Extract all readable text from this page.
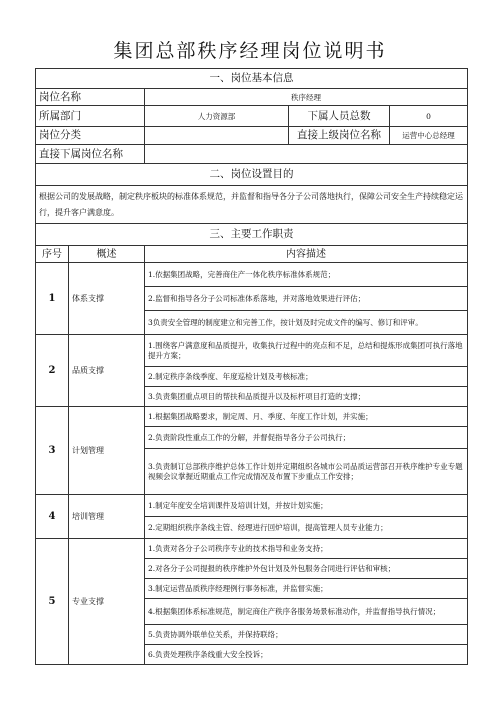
集团总部秩序经理岗位说明书
一、岗位基本信息				
岗位名称		秩序经理		
所属部门		人力资源部	下属人员总数	0
岗位分类			直接上级岗位名称	运营中心总经理
直接下属岗位名称				
二、岗位设置目的				
根据公司的发展战略，制定秩序板块的标准体系规范，并监督和指导各分子公司落地执行，保障公司安全生产持续稳定运行，提升客户满意度。				
三、主要工作职责				
序号	概述	内容描述		
1	体系支撑	1.依据集团战略，完善商住产一体化秩序标准体系规范；		
		2.监督和指导各分子公司标准体系落地，并对落地效果进行评估；		
		3负责安全管理的制度建立和完善工作，按计划及时完成文件的编写、修订和评审。		
2	品质支撑	1.围绕客户满意度和品质提升，收集执行过程中的亮点和不足，总结和提炼形成集团可执行落地提升方案；		
		2.制定秩序条线季度、年度巡检计划及考核标准；		
		3.负责集团重点项目的帮扶和品质提升以及标杆项目打造的支撑；		
3	计划管理	1.根据集团战略要求，制定周、月、季度、年度工作计划，并实施；		
		2.负责阶段性重点工作的分解，并督促指导各分子公司执行；		
		3.负责制订总部秩序维护总体工作计划并定期组织各城市公司品质运营部召开秩序维护专业专题视频会议掌握近期重点工作完成情况及布置下步重点工作安排；		
4	培训管理	1.制定年度安全培训课件及培训计划，并按计划实施；		
		2.定期组织秩序条线主管、经理进行回炉培训，提高管理人员专业能力；		
5	专业支撑	1.负责对各分子公司秩序专业的技术指导和业务支持；		
		2.对各分子公司提报的秩序维护外包计划及外包服务合同进行评估和审核；		
		3.制定运营品质秩序经理例行事务标准，并监督实施；		
		4.根据集团体系标准规范，制定商住产秩序各服务场景标准动作，并监督指导执行情况；		
		5.负责协调外联单位关系，并保持联络；		
		6.负责处理秩序条线重大安全投诉；		
